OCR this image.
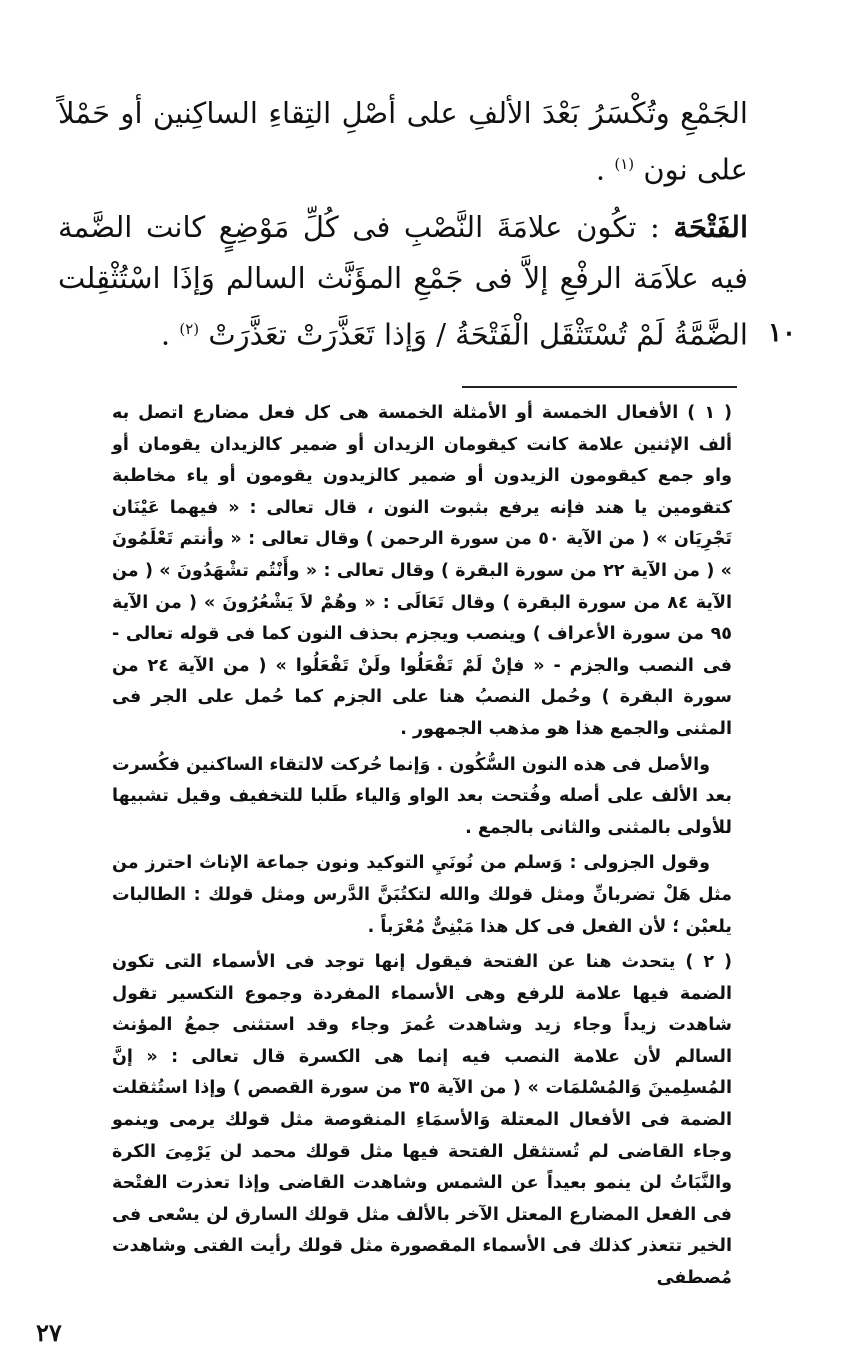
الجَمْعِ وتُكْسَرُ بَعْدَ الألفِ على أصْلِ التِقاءِ الساكِنين أو حَمْلاً على نون $^{(١)}$ .

الفَتْحَة : تكُون علامَةَ النَّصْبِ فى كُلِّ مَوْضِعٍ كانت الضَّمة فيه علاَمَة الرفْعِ إلاَّ فى جَمْعِ المؤَنَّث السالم وَإذَا اسْتُثْقِلت الضَّمَّةُ لَمْ تُسْتَثْقَل الْفَتْحَةُ / وَإذا تَعَذَّرَتْ تعَذَّرَتْ $^{(٢)}$ .	١٠

( ١ ) الأفعال الخمسة أو الأمثلة الخمسة هى كل فعل مضارع اتصل به ألف الإثنين علامة كانت كيقومان الزيدان أو ضمير كالزيدان يقومان أو واو جمع كيقومون الزيدون أو ضمير كالزيدون يقومون أو ياء مخاطبة كتقومين يا هند فإنه يرفع بثبوت النون ، قال تعالى : « فيهما عَيْنَان تَجْرِيَان » ( من الآية ٥٠ من سورة الرحمن ) وقال تعالى : « وأنتم تَعْلَمُونَ » ( من الآية ٢٢ من سورة البقرة ) وقال تعالى : « وأَنْتُم تشْهَدُونَ » ( من الآية ٨٤ من سورة البقرة ) وقال تَعَالَى : « وهُمْ لاَ يَشْعُرُونَ » ( من الآية ٩٥ من سورة الأعراف ) وينصب ويجزم بحذف النون كما فى قوله تعالى - فى النصب والجزم - « فإنْ لَمْ تَفْعَلُوا ولَنْ تَفْعَلُوا » ( من الآية ٢٤ من سورة البقرة ) وحُمل النصبُ هنا على الجزم كما حُمل على الجر فى المثنى والجمع هذا هو مذهب الجمهور .

والأصل فى هذه النون السُّكُون . وَإنما حُركت لالتقاء الساكنين فكُسرت بعد الألف على أصله وفُتحت بعد الواو وَالياء طَلبا للتخفيف وقيل تشبيها للأولى بالمثنى والثانى بالجمع .

وقول الجزولى : وَسلم من نُونَيِ التوكيد ونون جماعة الإناث احترز من مثل هَلْ تضربانِّ ومثل قولك والله لتكتُبَنَّ الدَّرس ومثل قولك : الطالبات يلعبْن ؛ لأن الفعل فى كل هذا مَبْنِىٌّ مُعْرَباً .

( ٢ ) يتحدث هنا عن الفتحة فيقول إنها توجد فى الأسماء التى تكون الضمة فيها علامة للرفع وهى الأسماء المفردة وجموع التكسير تقول شاهدت زيداً وجاء زيد وشاهدت عُمرَ وجاء وقد استثنى جمعُ المؤنث السالم لأن علامة النصب فيه إنما هى الكسرة قال تعالى : « إنَّ المُسلِمينَ وَالمُسْلمَات » ( من الآية ٣٥ من سورة القصص ) وإذا استُثقلت الضمة فى الأفعال المعتلة وَالأسمَاءِ المنقوصة مثل قولك يرمى وينمو وجاء القاضى لم تُستثقل الفتحة فيها مثل قولك محمد لن يَرْمِىَ الكرة والنَّبَاتُ لن ينمو بعيداً عن الشمس وشاهدت القاضى وإذا تعذرت الفتْحة فى الفعل المضارع المعتل الآخر بالألف مثل قولك السارق لن يسْعى فى الخير تتعذر كذلك فى الأسماء المقصورة مثل قولك رأيت الفتى وشاهدت مُصطفى

٢٧
